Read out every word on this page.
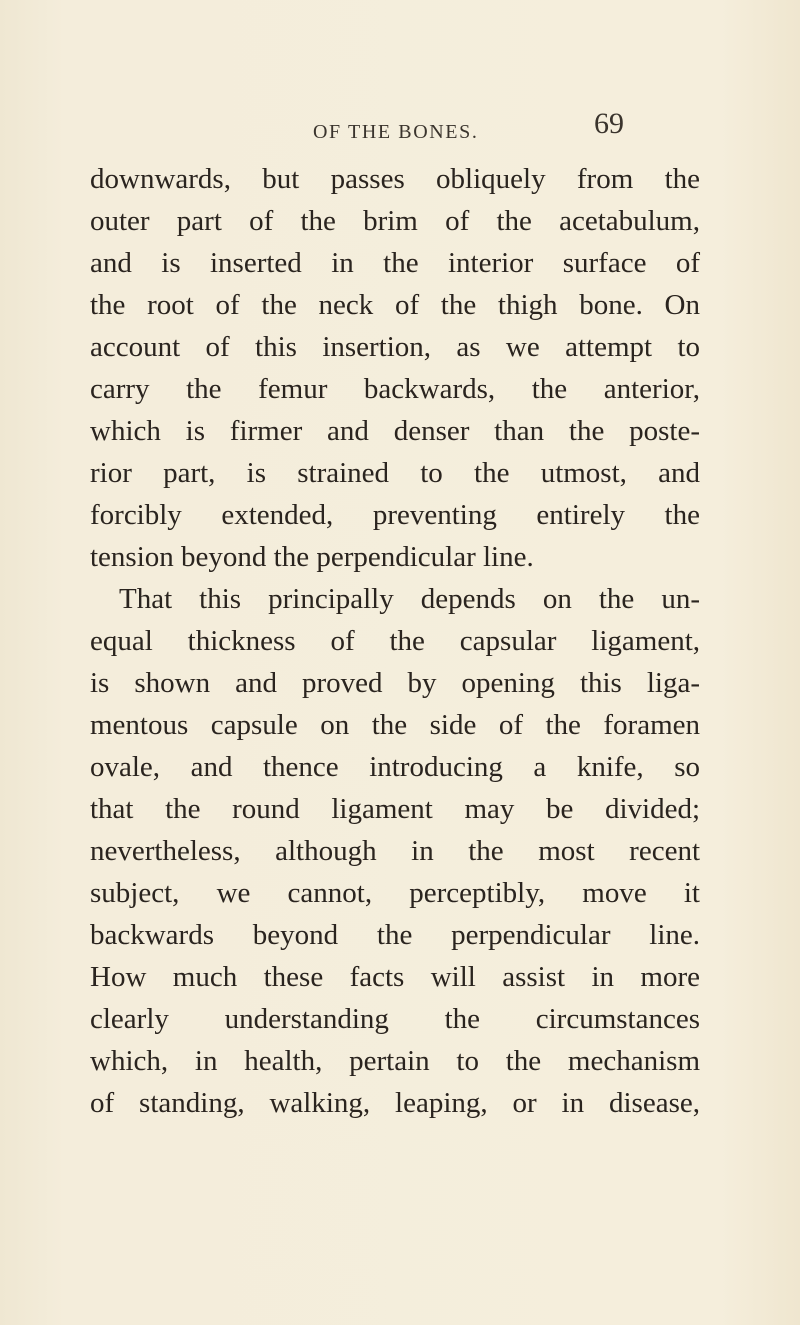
OF THE BONES.	69
downwards, but passes obliquely from the
outer part of the brim of the acetabulum,
and is inserted in the interior surface of
the root of the neck of the thigh bone. On
account of this insertion, as we attempt to
carry the femur backwards, the anterior,
which is firmer and denser than the poste-
rior part, is strained to the utmost, and
forcibly extended, preventing entirely the
tension beyond the perpendicular line.
That this principally depends on the un-
equal thickness of the capsular ligament,
is shown and proved by opening this liga-
mentous capsule on the side of the foramen
ovale, and thence introducing a knife, so
that the round ligament may be divided;
nevertheless, although in the most recent
subject, we cannot, perceptibly, move it
backwards beyond the perpendicular line.
How much these facts will assist in more
clearly understanding the circumstances
which, in health, pertain to the mechanism
of standing, walking, leaping, or in disease,
